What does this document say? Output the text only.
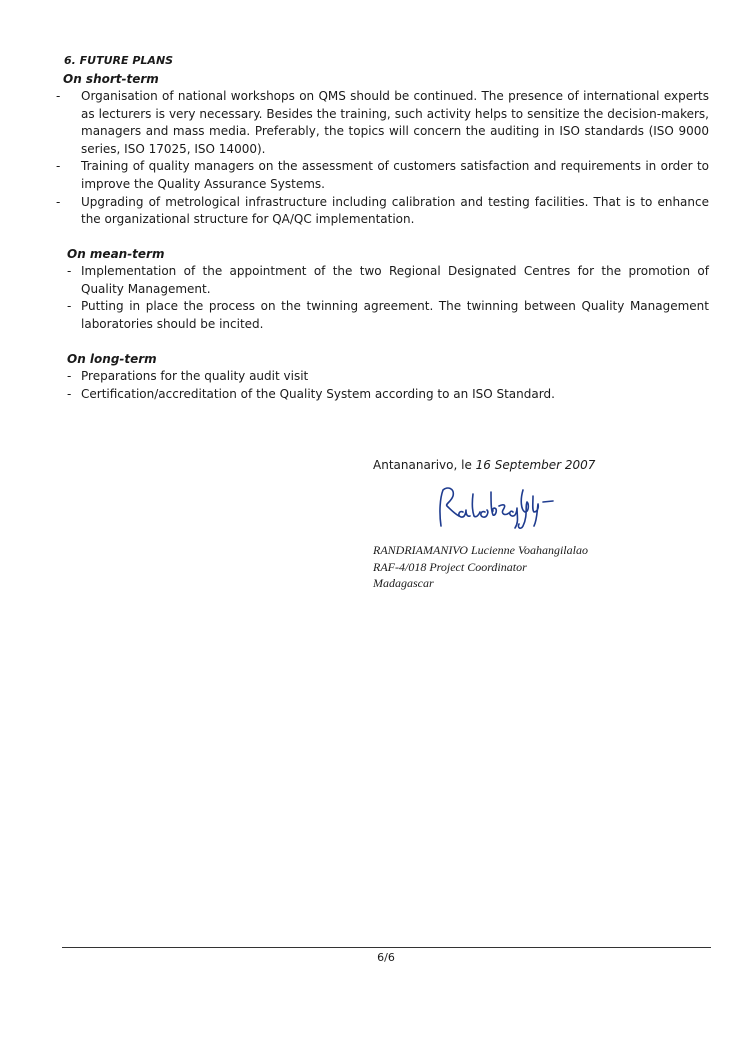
6. FUTURE PLANS
On short-term
- Organisation of national workshops on QMS should be continued. The presence of international experts as lecturers is very necessary. Besides the training, such activity helps to sensitize the decision-makers, managers and mass media. Preferably, the topics will concern the auditing in ISO standards (ISO 9000 series, ISO 17025, ISO 14000).
- Training of quality managers on the assessment of customers satisfaction and requirements in order to improve the Quality Assurance Systems.
- Upgrading of metrological infrastructure including calibration and testing facilities. That is to enhance the organizational structure for QA/QC implementation.
On mean-term
- Implementation of the appointment of the two Regional Designated Centres for the promotion of Quality Management.
- Putting in place the process on the twinning agreement. The twinning between Quality Management laboratories should be incited.
On long-term
- Preparations for the quality audit visit
- Certification/accreditation of the Quality System according to an ISO Standard.

Antananarivo, le 16 September 2007

RANDRIAMANIVO Lucienne Voahangilalao
RAF-4/018 Project Coordinator
Madagascar
6/6
